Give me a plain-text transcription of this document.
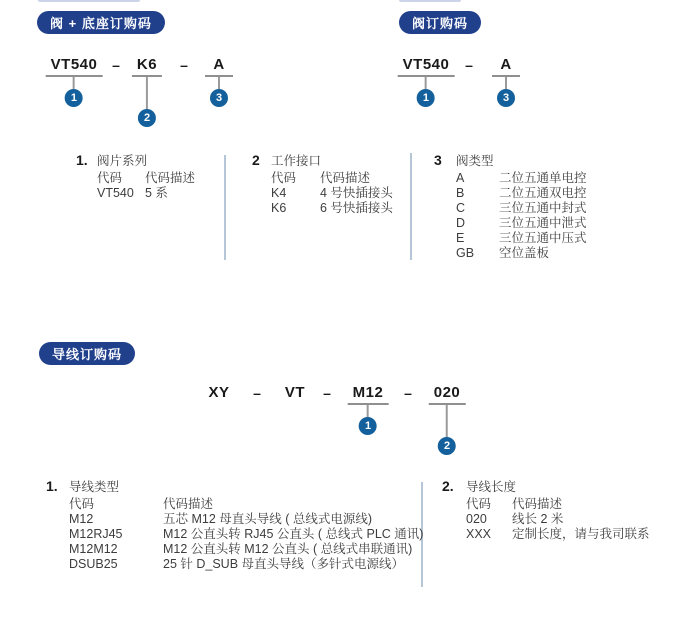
阀 + 底座订购码	阀订购码
导线订购码
VT540
1
– K6
2
– A
3
VT540
1
– A
3
XY – VT – M12
1
– 020
2
1. 阀片系列
代码	代码描述
VT540 5 系
2 工作接口
代码	代码描述
K4	4 号快插接头
K6	6 号快插接头
3	阀类型
A	二位五通单电控
B	二位五通双电控
C	三位五通中封式
D	三位五通中泄式
E	三位五通中压式
GB	空位盖板
1. 导线类型
代码	代码描述
M12	五芯 M12 母直头导线 ( 总线式电源线)
M12RJ45	M12 公直头转 RJ45 公直头 ( 总线式 PLC 通讯)
M12M12	M12 公直头转 M12 公直头 ( 总线式串联通讯)
DSUB25	25 针 D_SUB 母直头导线（多针式电源线）
2. 导线长度
代码	代码描述
020	线长 2 米
XXX	定制长度，请与我司联系
